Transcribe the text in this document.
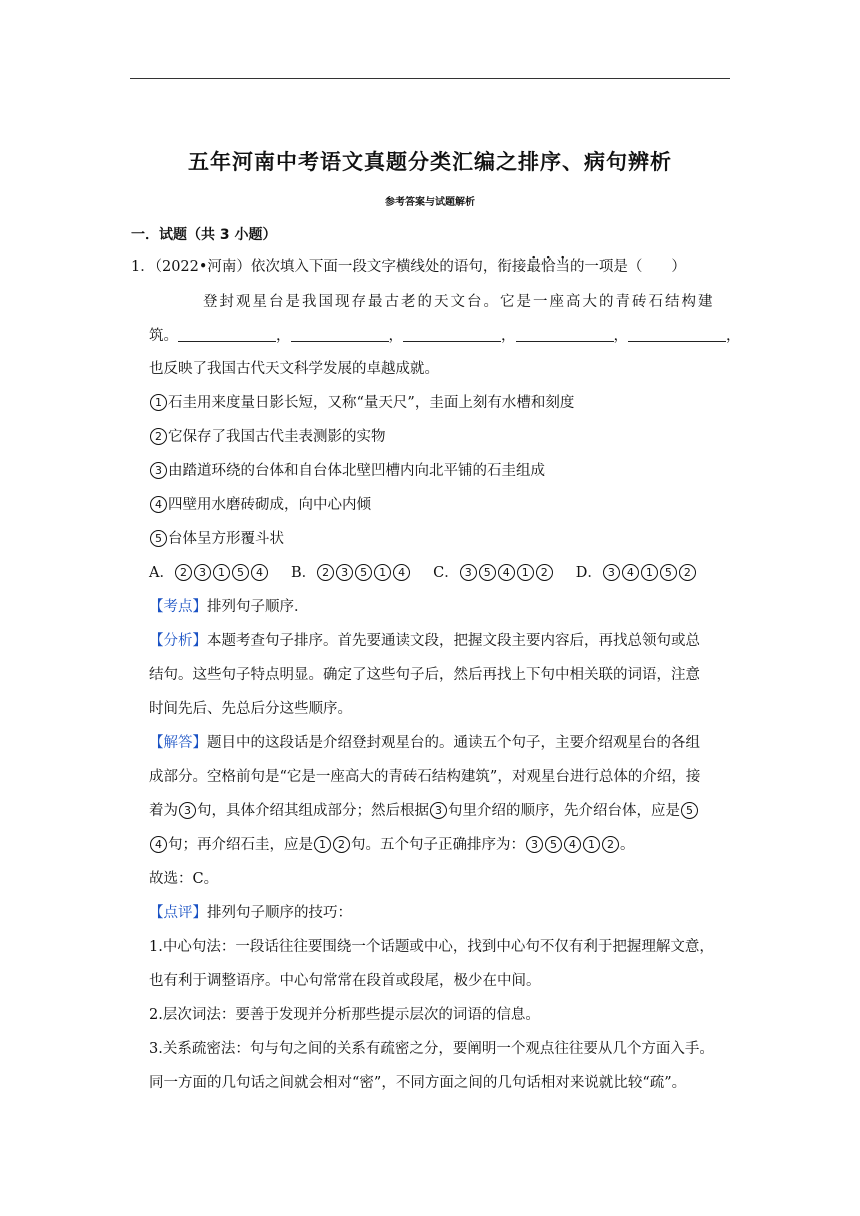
五年河南中考语文真题分类汇编之排序、病句辨析
参考答案与试题解析
一．试题（共 3 小题）
1．（2022•河南）依次填入下面一段文字横线处的语句，衔接最恰当的一项是（　　）
登封观星台是我国现存最古老的天文台。它是一座高大的青砖石结构建
筑。	，	，	，	，	，
也反映了我国古代天文科学发展的卓越成就。
1 石圭用来度量日影长短，又称“量天尺”，圭面上刻有水槽和刻度
2 它保存了我国古代圭表测影的实物
3 由踏道环绕的台体和自台体北壁凹槽内向北平铺的石圭组成
4 四壁用水磨砖砌成，向中心内倾
5 台体呈方形覆斗状
A． 2 3 1 5 4 B． 2 3 5 1 4 C． 3 5 4 1 2 D． 3 4 1 5 2
【考点】排列句子顺序．
【分析】本题考查句子排序。首先要通读文段，把握文段主要内容后，再找总领句或总
结句。这些句子特点明显。确定了这些句子后，然后再找上下句中相关联的词语，注意
时间先后、先总后分这些顺序。
【解答】题目中的这段话是介绍登封观星台的。通读五个句子，主要介绍观星台的各组
成部分。空格前句是“它是一座高大的青砖石结构建筑”，对观星台进行总体的介绍，接
着为 3 句，具体介绍其组成部分；然后根据 3 句里介绍的顺序，先介绍台体，应是 5
4 句；再介绍石圭，应是 1 2 句。五个句子正确排序为： 3 5 4 1 2 。
故选：C。
【点评】排列句子顺序的技巧：
1.中心句法：一段话往往要围绕一个话题或中心，找到中心句不仅有利于把握理解文意，
也有利于调整语序。中心句常常在段首或段尾，极少在中间。
2.层次词法：要善于发现并分析那些提示层次的词语的信息。
3.关系疏密法：句与句之间的关系有疏密之分，要阐明一个观点往往要从几个方面入手。
同一方面的几句话之间就会相对“密”，不同方面之间的几句话相对来说就比较“疏”。
